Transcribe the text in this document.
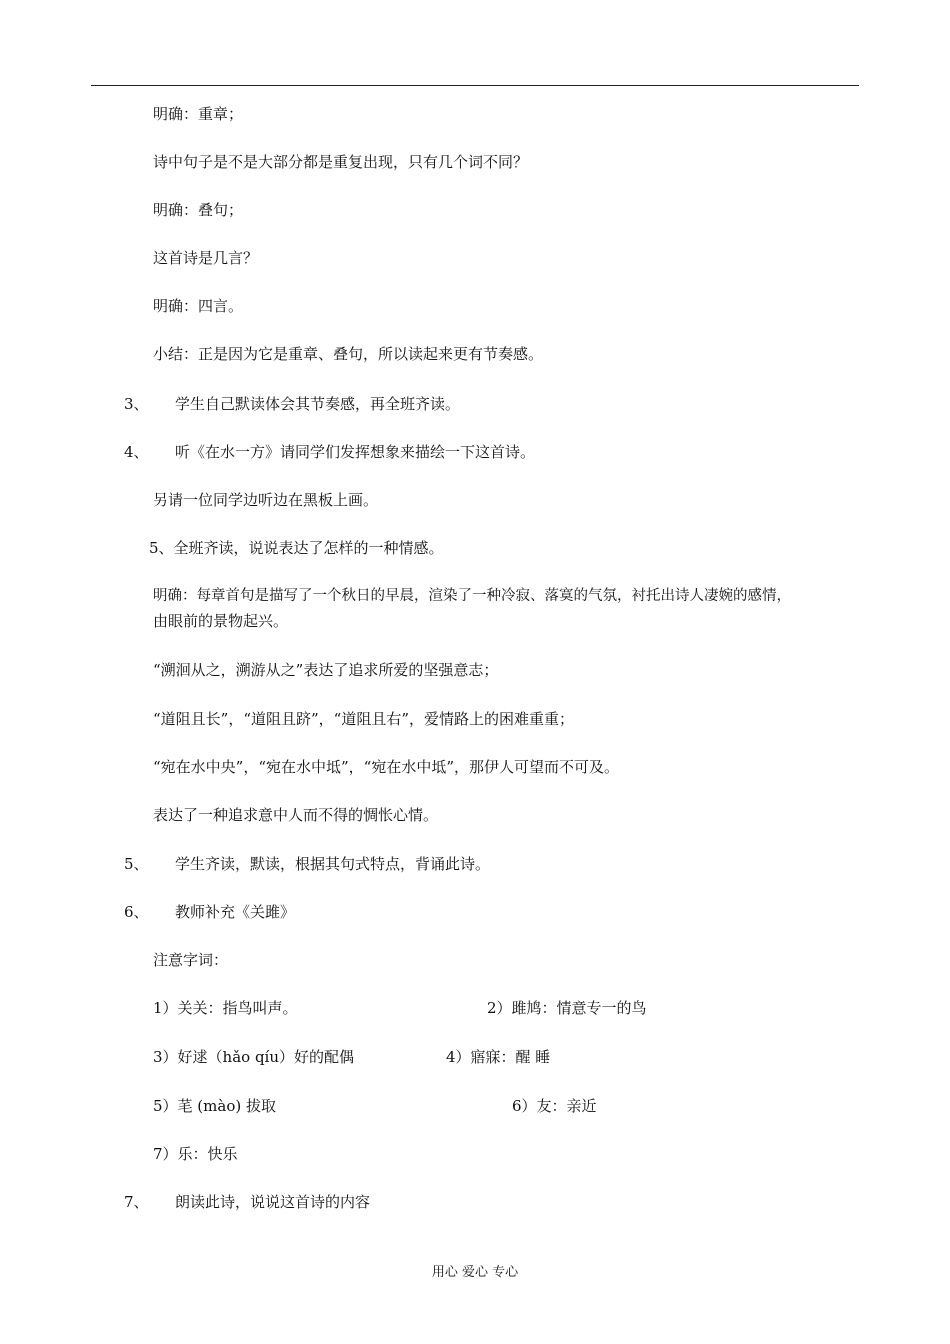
明确：重章；
诗中句子是不是大部分都是重复出现，只有几个词不同？
明确：叠句；
这首诗是几言？
明确：四言。
小结：正是因为它是重章、叠句，所以读起来更有节奏感。
3、 学生自己默读体会其节奏感，再全班齐读。
4、 听《在水一方》请同学们发挥想象来描绘一下这首诗。
另请一位同学边听边在黑板上画。
5、全班齐读，说说表达了怎样的一种情感。
明确：每章首句是描写了一个秋日的早晨，渲染了一种冷寂、落寞的气氛，衬托出诗人凄婉的感情，
由眼前的景物起兴。
“溯洄从之，溯游从之”表达了追求所爱的坚强意志；
“道阻且长”，“道阻且跻”，“道阻且右”，爱情路上的困难重重；
“宛在水中央”，“宛在水中坻”，“宛在水中坻”，那伊人可望而不可及。
表达了一种追求意中人而不得的惆怅心情。
5、 学生齐读，默读，根据其句式特点，背诵此诗。
6、 教师补充《关雎》
注意字词：
1）关关：指鸟叫声。	2）雎鸠：情意专一的鸟
3）好逑（hǎo qíu）好的配偶	4）寤寐：醒 睡
5）芼 (mào) 拔取	6）友：亲近
7）乐：快乐
7、 朗读此诗，说说这首诗的内容
用心 爱心 专心
